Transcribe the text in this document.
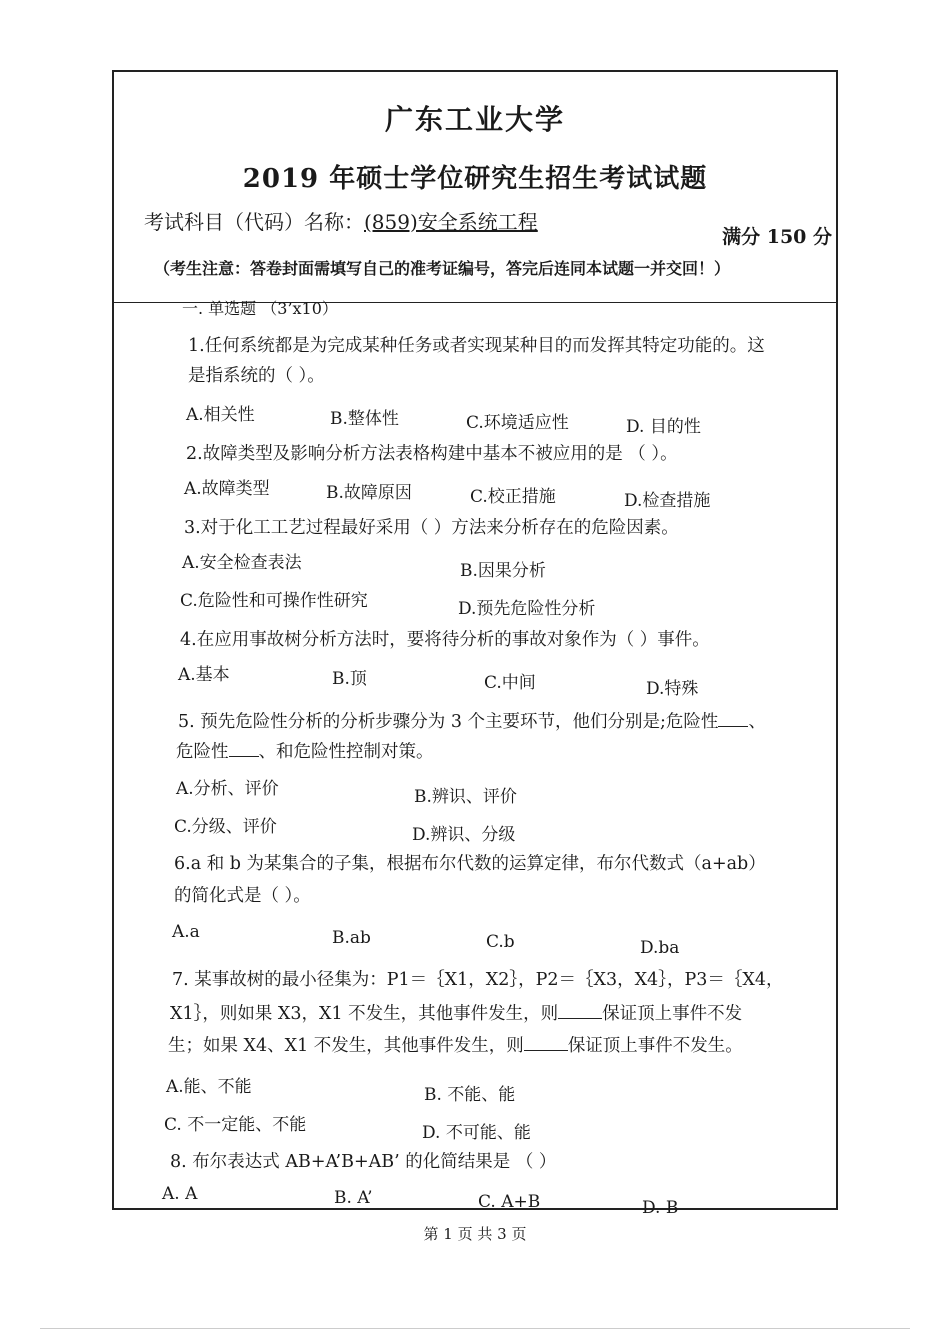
广东工业大学
2019 年硕士学位研究生招生考试试题
考试科目（代码）名称：(859)安全系统工程
满分 150 分
（考生注意：答卷封面需填写自己的准考证编号，答完后连同本试题一并交回！）
一. 单选题 （3’x10）
1.任何系统都是为完成某种任务或者实现某种目的而发挥其特定功能的。这
是指系统的（ ）。
A.相关性	B.整体性	C.环境适应性	D. 目的性
2.故障类型及影响分析方法表格构建中基本不被应用的是 （ ）。
A.故障类型	B.故障原因	C.校正措施	D.检查措施
3.对于化工工艺过程最好采用（ ）方法来分析存在的危险因素。
A.安全检查表法	B.因果分析
C.危险性和可操作性研究	D.预先危险性分析
4.在应用事故树分析方法时，要将待分析的事故对象作为（ ）事件。
A.基本	B.顶	C.中间	D.特殊
5. 预先危险性分析的分析步骤分为 3 个主要环节，他们分别是;危险性 、
危险性 、和危险性控制对策。
A.分析、评价	B.辨识、评价
C.分级、评价	D.辨识、分级
6.a 和 b 为某集合的子集，根据布尔代数的运算定律，布尔代数式（a+ab）
的简化式是（ ）。
A.a	B.ab	C.b	D.ba
7. 某事故树的最小径集为：P1＝｛X1，X2｝，P2＝｛X3，X4｝，P3＝｛X4，
X1｝，则如果 X3，X1 不发生，其他事件发生，则	保证顶上事件不发
生；如果 X4、X1 不发生，其他事件发生，则	保证顶上事件不发生。
A.能、不能	B. 不能、能
C. 不一定能、不能	D. 不可能、能
8. 布尔表达式 AB+A’B+AB’ 的化简结果是 （ ）
A. A	B. A’	C. A+B	D. B
第 1 页 共 3 页
